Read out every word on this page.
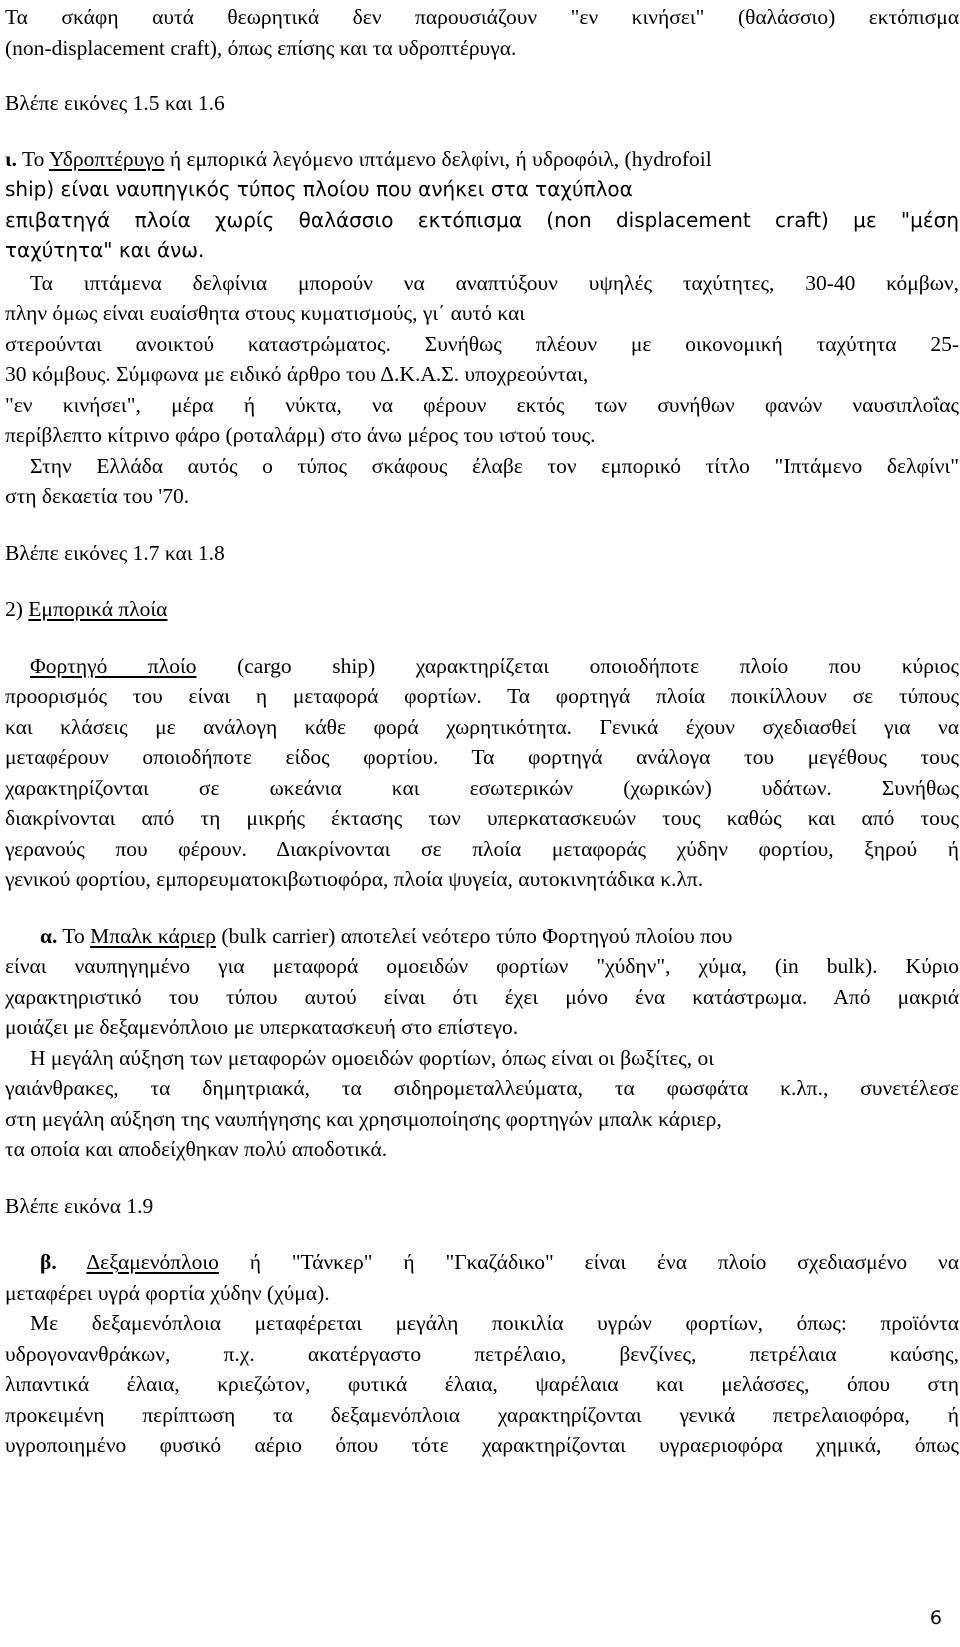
Τα σκάφη αυτά θεωρητικά δεν παρουσιάζουν "εν κινήσει" (θαλάσσιο) εκτόπισμα
(non-displacement craft), όπως επίσης και τα υδροπτέρυγα.
Βλέπε εικόνες 1.5 και 1.6
ι. Το Υδροπτέρυγο ή εμπορικά λεγόμενο ιπτάμενο δελφίνι, ή υδροφόιλ, (hydrofoil
ship) είναι ναυπηγικός τύπος πλοίου που ανήκει στα ταχύπλοα
επιβατηγά πλοία χωρίς θαλάσσιο εκτόπισμα (non displacement craft) με "μέση
ταχύτητα" και άνω.
Τα ιπτάμενα δελφίνια μπορούν να αναπτύξουν υψηλές ταχύτητες, 30-40 κόμβων,
πλην όμως είναι ευαίσθητα στους κυματισμούς, γι΄ αυτό και
στερούνται ανοικτού καταστρώματος. Συνήθως πλέουν με οικονομική ταχύτητα 25-
30 κόμβους. Σύμφωνα με ειδικό άρθρο του Δ.Κ.Α.Σ. υποχρεούνται,
"εν κινήσει", μέρα ή νύκτα, να φέρουν εκτός των συνήθων φανών ναυσιπλοΐας
περίβλεπτο κίτρινο φάρο (ροταλάρμ) στο άνω μέρος του ιστού τους.
Στην Ελλάδα αυτός ο τύπος σκάφους έλαβε τον εμπορικό τίτλο "Ιπτάμενο δελφίνι"
στη δεκαετία του '70.
Βλέπε εικόνες 1.7 και 1.8
2) Εμπορικά πλοία
Φορτηγό πλοίο (cargo ship) χαρακτηρίζεται οποιοδήποτε πλοίο που κύριος
προορισμός του είναι η μεταφορά φορτίων. Τα φορτηγά πλοία ποικίλλουν σε τύπους
και κλάσεις με ανάλογη κάθε φορά χωρητικότητα. Γενικά έχουν σχεδιασθεί για να
μεταφέρουν οποιοδήποτε είδος φορτίου. Τα φορτηγά ανάλογα του μεγέθους τους
χαρακτηρίζονται σε ωκεάνια και εσωτερικών (χωρικών) υδάτων. Συνήθως
διακρίνονται από τη μικρής έκτασης των υπερκατασκευών τους καθώς και από τους
γερανούς που φέρουν. Διακρίνονται σε πλοία μεταφοράς χύδην φορτίου, ξηρού ή
γενικού φορτίου, εμπορευματοκιβωτιοφόρα, πλοία ψυγεία, αυτοκινητάδικα κ.λπ.
α. Το Μπαλκ κάριερ (bulk carrier) αποτελεί νεότερο τύπο Φορτηγού πλοίου που
είναι ναυπηγημένο για μεταφορά ομοειδών φορτίων "χύδην", χύμα, (in bulk). Κύριο
χαρακτηριστικό του τύπου αυτού είναι ότι έχει μόνο ένα κατάστρωμα. Από μακριά
μοιάζει με δεξαμενόπλοιο με υπερκατασκευή στο επίστεγο.
Η μεγάλη αύξηση των μεταφορών ομοειδών φορτίων, όπως είναι οι βωξίτες, οι
γαιάνθρακες, τα δημητριακά, τα σιδηρομεταλλεύματα, τα φωσφάτα κ.λπ., συνετέλεσε
στη μεγάλη αύξηση της ναυπήγησης και χρησιμοποίησης φορτηγών μπαλκ κάριερ,
τα οποία και αποδείχθηκαν πολύ αποδοτικά.
Βλέπε εικόνα 1.9
β. Δεξαμενόπλοιο ή "Τάνκερ" ή "Γκαζάδικο" είναι ένα πλοίο σχεδιασμένο να
μεταφέρει υγρά φορτία χύδην (χύμα).
Με δεξαμενόπλοια μεταφέρεται μεγάλη ποικιλία υγρών φορτίων, όπως: προϊόντα
υδρογονανθράκων, π.χ. ακατέργαστο πετρέλαιο, βενζίνες, πετρέλαια καύσης,
λιπαντικά έλαια, κριεζώτον, φυτικά έλαια, ψαρέλαια και μελάσσες, όπου στη
προκειμένη περίπτωση τα δεξαμενόπλοια χαρακτηρίζονται γενικά πετρελαιοφόρα, ή
υγροποιημένο φυσικό αέριο όπου τότε χαρακτηρίζονται υγραεριοφόρα χημικά, όπως
6
